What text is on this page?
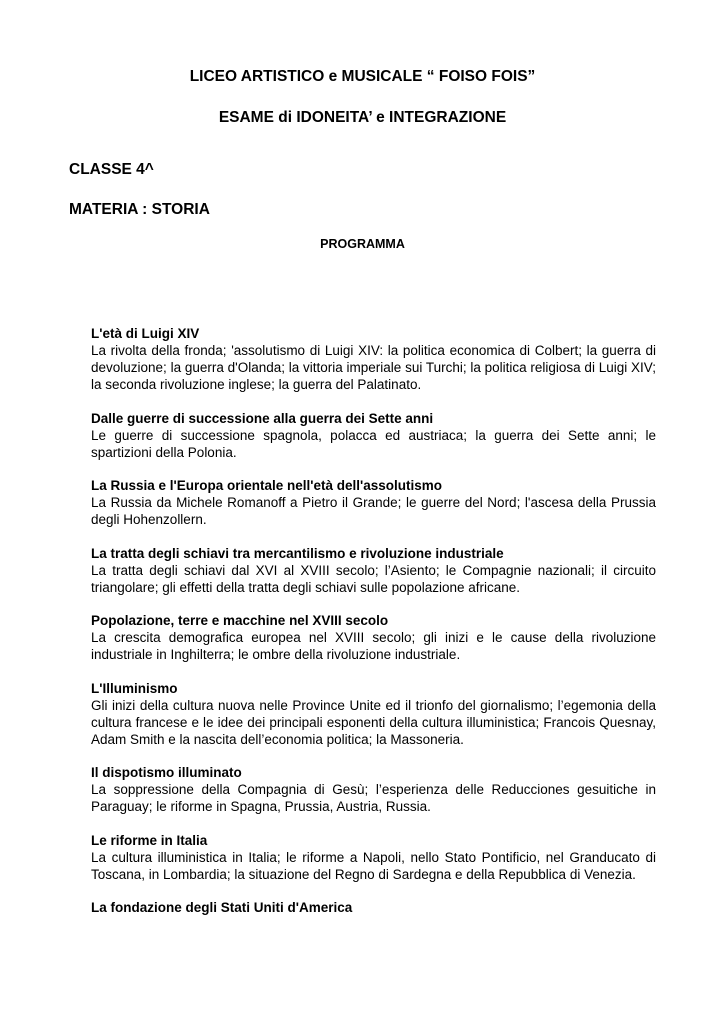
LICEO ARTISTICO e MUSICALE “ FOISO FOIS”
ESAME di IDONEITA’ e INTEGRAZIONE
CLASSE 4^
MATERIA : STORIA
PROGRAMMA

L'età di Luigi XIV

La rivolta della fronda; 'assolutismo di Luigi XIV: la politica economica di Colbert; la guerra di devoluzione; la guerra d'Olanda; la vittoria imperiale sui Turchi; la politica religiosa di Luigi XIV; la seconda rivoluzione inglese; la guerra del Palatinato.

Dalle guerre di successione alla guerra dei Sette anni

Le guerre di successione spagnola, polacca ed austriaca; la guerra dei Sette anni; le spartizioni della Polonia.

La Russia e l'Europa orientale nell'età dell'assolutismo

La Russia da Michele Romanoff a Pietro il Grande; le guerre del Nord; l'ascesa della Prussia degli Hohenzollern.

La tratta degli schiavi tra mercantilismo e rivoluzione industriale

La tratta degli schiavi dal XVI al XVIII secolo; l’Asiento; le Compagnie nazionali; il circuito triangolare; gli effetti della tratta degli schiavi sulle popolazione africane.

Popolazione, terre e macchine nel XVIII secolo

La crescita demografica europea nel XVIII secolo; gli inizi e le cause della rivoluzione industriale in Inghilterra; le ombre della rivoluzione industriale.

L'Illuminismo

Gli inizi della cultura nuova nelle Province Unite ed il trionfo del giornalismo; l’egemonia della cultura francese e le idee dei principali esponenti della cultura illuministica; Francois Quesnay, Adam Smith e la nascita dell’economia politica; la Massoneria.

Il dispotismo illuminato

La soppressione della Compagnia di Gesù; l’esperienza delle Reducciones gesuitiche in Paraguay; le riforme in Spagna, Prussia, Austria, Russia.

Le riforme in Italia

La cultura illuministica in Italia; le riforme a Napoli, nello Stato Pontificio, nel Granducato di Toscana, in Lombardia; la situazione del Regno di Sardegna e della Repubblica di Venezia.

La fondazione degli Stati Uniti d'America
